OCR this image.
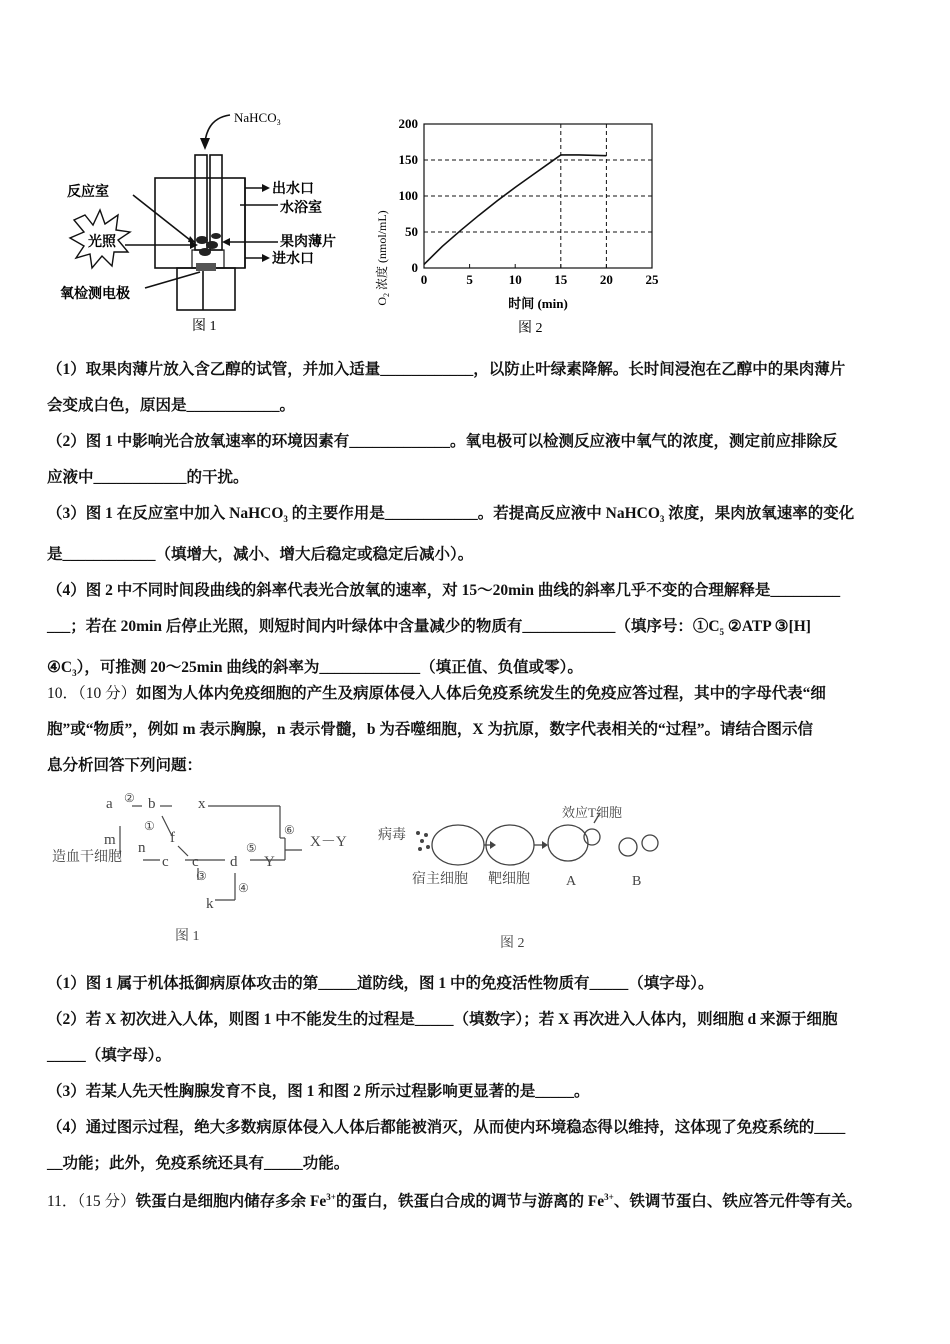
光照
NaHCO$_3$
反应室	出水口
水浴室
果肉薄片
进水口
氧检测电极
图 1
0	5	10	15	20	25
0
50
100
150
200
$O_2$ 浓度 (nmol/mL)
时间 (min)
图 2
（1）取果肉薄片放入含乙醇的试管，并加入适量____________，以防止叶绿素降解。长时间浸泡在乙醇中的果肉薄片
会变成白色，原因是____________。
（2）图 1 中影响光合放氧速率的环境因素有_____________。氧电极可以检测反应液中氧气的浓度，测定前应排除反
应液中____________的干扰。
（3）图 1 在反应室中加入 NaHCO$_3$ 的主要作用是____________。若提高反应液中 NaHCO$_3$ 浓度，果肉放氧速率的变化
是____________（填增大，减小、增大后稳定或稳定后减小）。
（4）图 2 中不同时间段曲线的斜率代表光合放氧的速率，对 15～20min 曲线的斜率几乎不变的合理解释是_________
___；若在 20min 后停止光照，则短时间内叶绿体中含量减少的物质有____________（填序号：$①C_5$ ②ATP ③[H]
$④C_3$），可推测 20～25min 曲线的斜率为_____________（填正值、负值或零）。
10．（10 分）如图为人体内免疫细胞的产生及病原体侵入人体后免疫系统发生的免疫应答过程，其中的字母代表“细
胞”或“物质”，例如 m 表示胸腺，n 表示骨髓，b 为吞噬细胞，X 为抗原，数字代表相关的“过程”。请结合图示信
息分析回答下列问题：
造血干细胞
a b	x
m	f
n
c c d Y
k
X－Y
②
①
③
④
⑤
⑥
图 1
病毒
效应T细胞
宿主细胞 靶细胞	A	B
图 2
（1）图 1 属于机体抵御病原体攻击的第_____道防线，图 1 中的免疫活性物质有_____（填字母）。
（2）若 X 初次进入人体，则图 1 中不能发生的过程是_____（填数字）；若 X 再次进入人体内，则细胞 d 来源于细胞
_____（填字母）。
（3）若某人先天性胸腺发育不良，图 1 和图 2 所示过程影响更显著的是_____。
（4）通过图示过程，绝大多数病原体侵入人体后都能被消灭，从而使内环境稳态得以维持，这体现了免疫系统的____
__功能；此外，免疫系统还具有_____功能。
11．（15 分）铁蛋白是细胞内储存多余 $Fe^{3+}$的蛋白，铁蛋白合成的调节与游离的 $Fe^{3+}$、铁调节蛋白、铁应答元件等有关。
